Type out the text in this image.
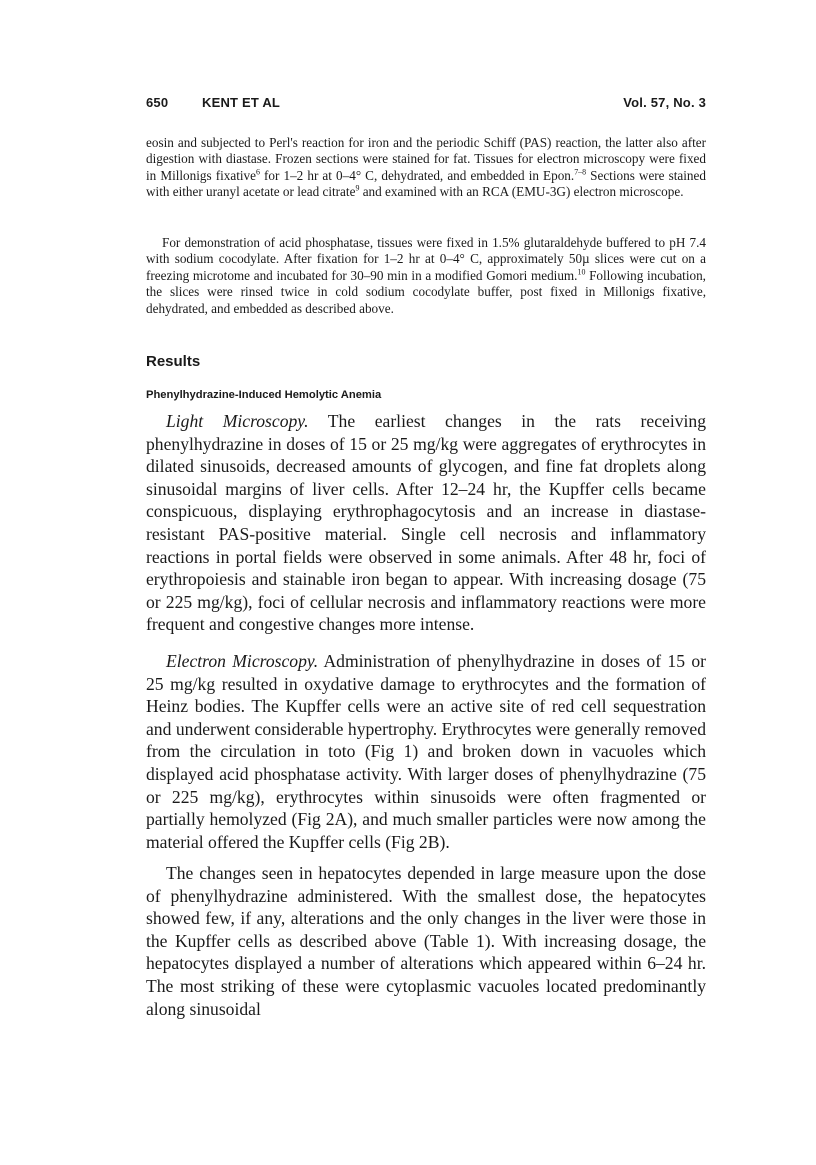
650	KENT ET AL	Vol. 57, No. 3

eosin and subjected to Perl's reaction for iron and the periodic Schiff (PAS) reaction, the latter also after digestion with diastase. Frozen sections were stained for fat. Tissues for electron microscopy were fixed in Millonigs fixative$^6$ for 1–2 hr at 0–4° C, dehydrated, and embedded in Epon.$^{7-8}$ Sections were stained with either uranyl acetate or lead citrate$^9$ and examined with an RCA (EMU-3G) electron microscope.

For demonstration of acid phosphatase, tissues were fixed in 1.5% glutaraldehyde buffered to pH 7.4 with sodium cocodylate. After fixation for 1–2 hr at 0–4° C, approximately 50µ slices were cut on a freezing microtome and incubated for 30–90 min in a modified Gomori medium.$^{10}$ Following incubation, the slices were rinsed twice in cold sodium cocodylate buffer, post fixed in Millonigs fixative, dehydrated, and embedded as described above.

Results
Phenylhydrazine-Induced Hemolytic Anemia

Light Microscopy. The earliest changes in the rats receiving phenylhydrazine in doses of 15 or 25 mg/kg were aggregates of erythrocytes in dilated sinusoids, decreased amounts of glycogen, and fine fat droplets along sinusoidal margins of liver cells. After 12–24 hr, the Kupffer cells became conspicuous, displaying erythrophagocytosis and an increase in diastase-resistant PAS-positive material. Single cell necrosis and inflammatory reactions in portal fields were observed in some animals. After 48 hr, foci of erythropoiesis and stainable iron began to appear. With increasing dosage (75 or 225 mg/kg), foci of cellular necrosis and inflammatory reactions were more frequent and congestive changes more intense.

Electron Microscopy. Administration of phenylhydrazine in doses of 15 or 25 mg/kg resulted in oxydative damage to erythrocytes and the formation of Heinz bodies. The Kupffer cells were an active site of red cell sequestration and underwent considerable hypertrophy. Erythrocytes were generally removed from the circulation in toto (Fig 1) and broken down in vacuoles which displayed acid phosphatase activity. With larger doses of phenylhydrazine (75 or 225 mg/kg), erythrocytes within sinusoids were often fragmented or partially hemolyzed (Fig 2A), and much smaller particles were now among the material offered the Kupffer cells (Fig 2B).

The changes seen in hepatocytes depended in large measure upon the dose of phenylhydrazine administered. With the smallest dose, the hepatocytes showed few, if any, alterations and the only changes in the liver were those in the Kupffer cells as described above (Table 1). With increasing dosage, the hepatocytes displayed a number of alterations which appeared within 6–24 hr. The most striking of these were cytoplasmic vacuoles located predominantly along sinusoidal
